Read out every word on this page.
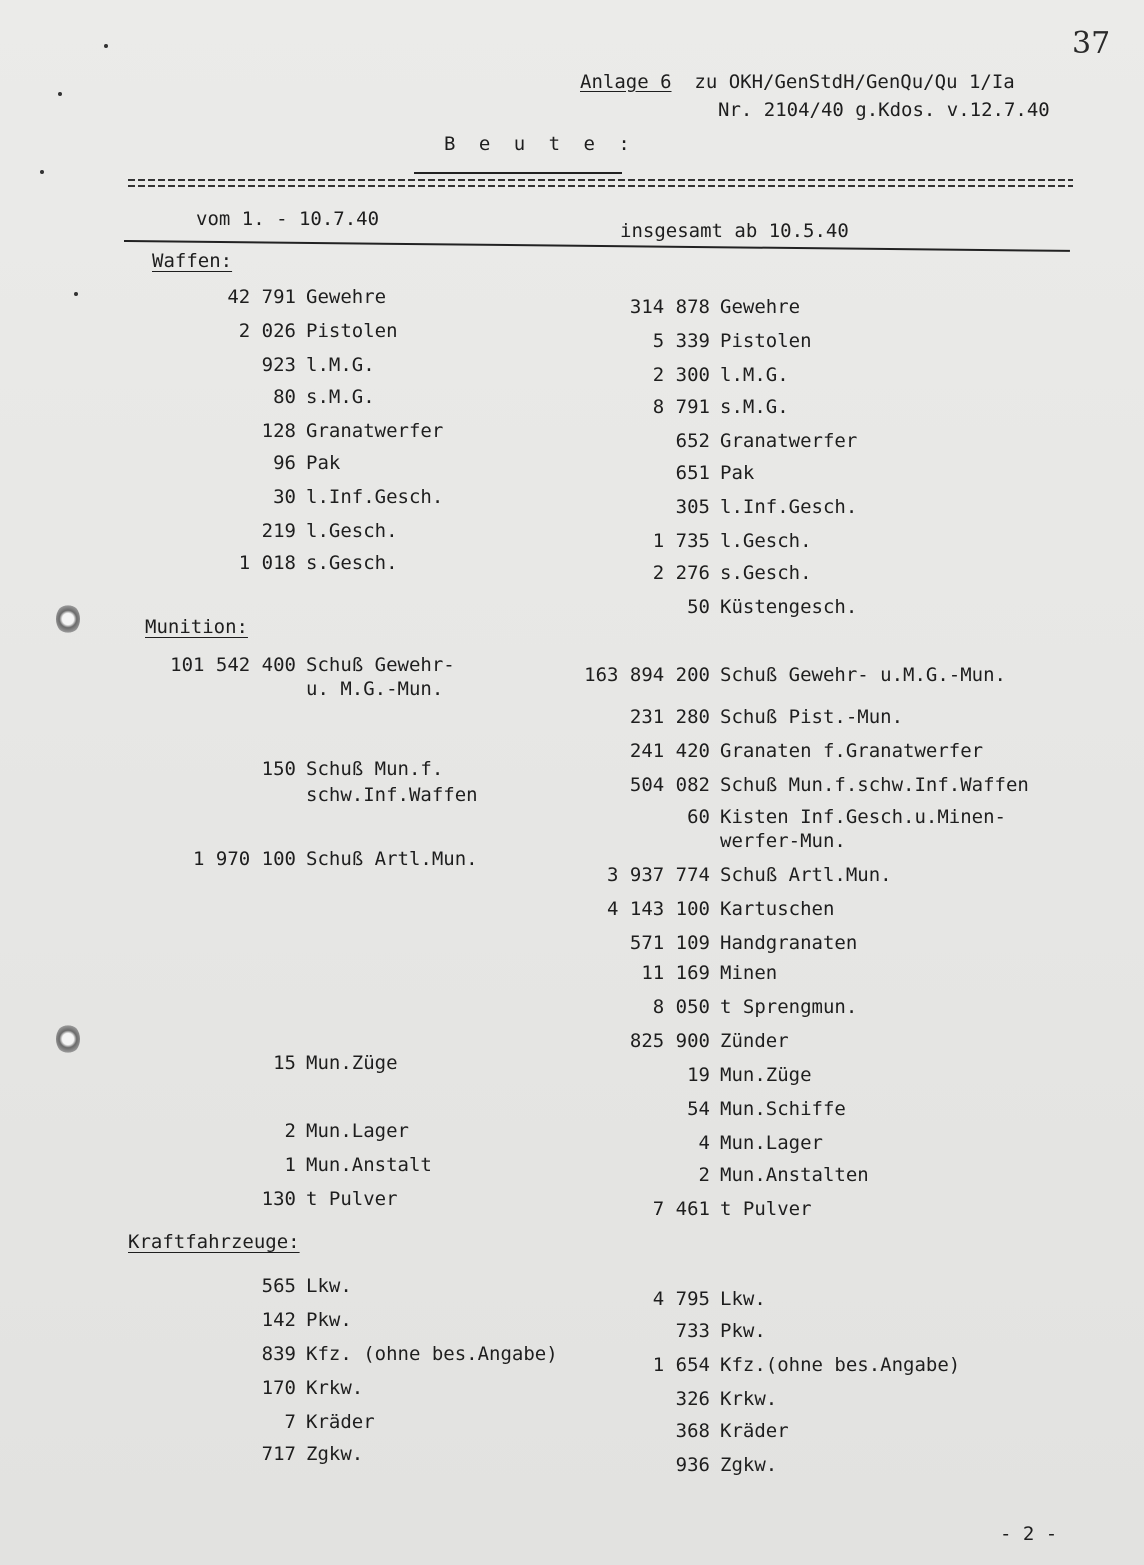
37
Anlage 6 zu OKH/GenStdH/GenQu/Qu 1/Ia
Nr. 2104/40 g.Kdos. v.12.7.40
B e u t e :
vom 1. - 10.7.40
insgesamt ab 10.5.40
Waffen:
Munition:
Kraftfahrzeuge:
42 791 Gewehre
2 026 Pistolen
923 l.M.G.
80 s.M.G.
128 Granatwerfer
96 Pak
30 l.Inf.Gesch.
219 l.Gesch.
1 018 s.Gesch.
101 542 400 Schuß Gewehr-
u. M.G.-Mun.
150 Schuß Mun.f.
schw.Inf.Waffen
1 970 100 Schuß Artl.Mun.
15 Mun.Züge
2 Mun.Lager
1 Mun.Anstalt
130 t Pulver
565 Lkw.
142 Pkw.
839 Kfz. (ohne bes.Angabe)
170 Krkw.
7 Kräder
717 Zgkw.
314 878 Gewehre
5 339 Pistolen
2 300 l.M.G.
8 791 s.M.G.
652 Granatwerfer
651 Pak
305 l.Inf.Gesch.
1 735 l.Gesch.
2 276 s.Gesch.
50 Küstengesch.
163 894 200 Schuß Gewehr- u.M.G.-Mun.
231 280 Schuß Pist.-Mun.
241 420 Granaten f.Granatwerfer
504 082 Schuß Mun.f.schw.Inf.Waffen
60 Kisten Inf.Gesch.u.Minen-
werfer-Mun.
3 937 774 Schuß Artl.Mun.
4 143 100 Kartuschen
571 109 Handgranaten
11 169 Minen
8 050 t Sprengmun.
825 900 Zünder
19 Mun.Züge
54 Mun.Schiffe
4 Mun.Lager
2 Mun.Anstalten
7 461 t Pulver
4 795 Lkw.
733 Pkw.
1 654 Kfz.(ohne bes.Angabe)
326 Krkw.
368 Kräder
936 Zgkw.
- 2 -
